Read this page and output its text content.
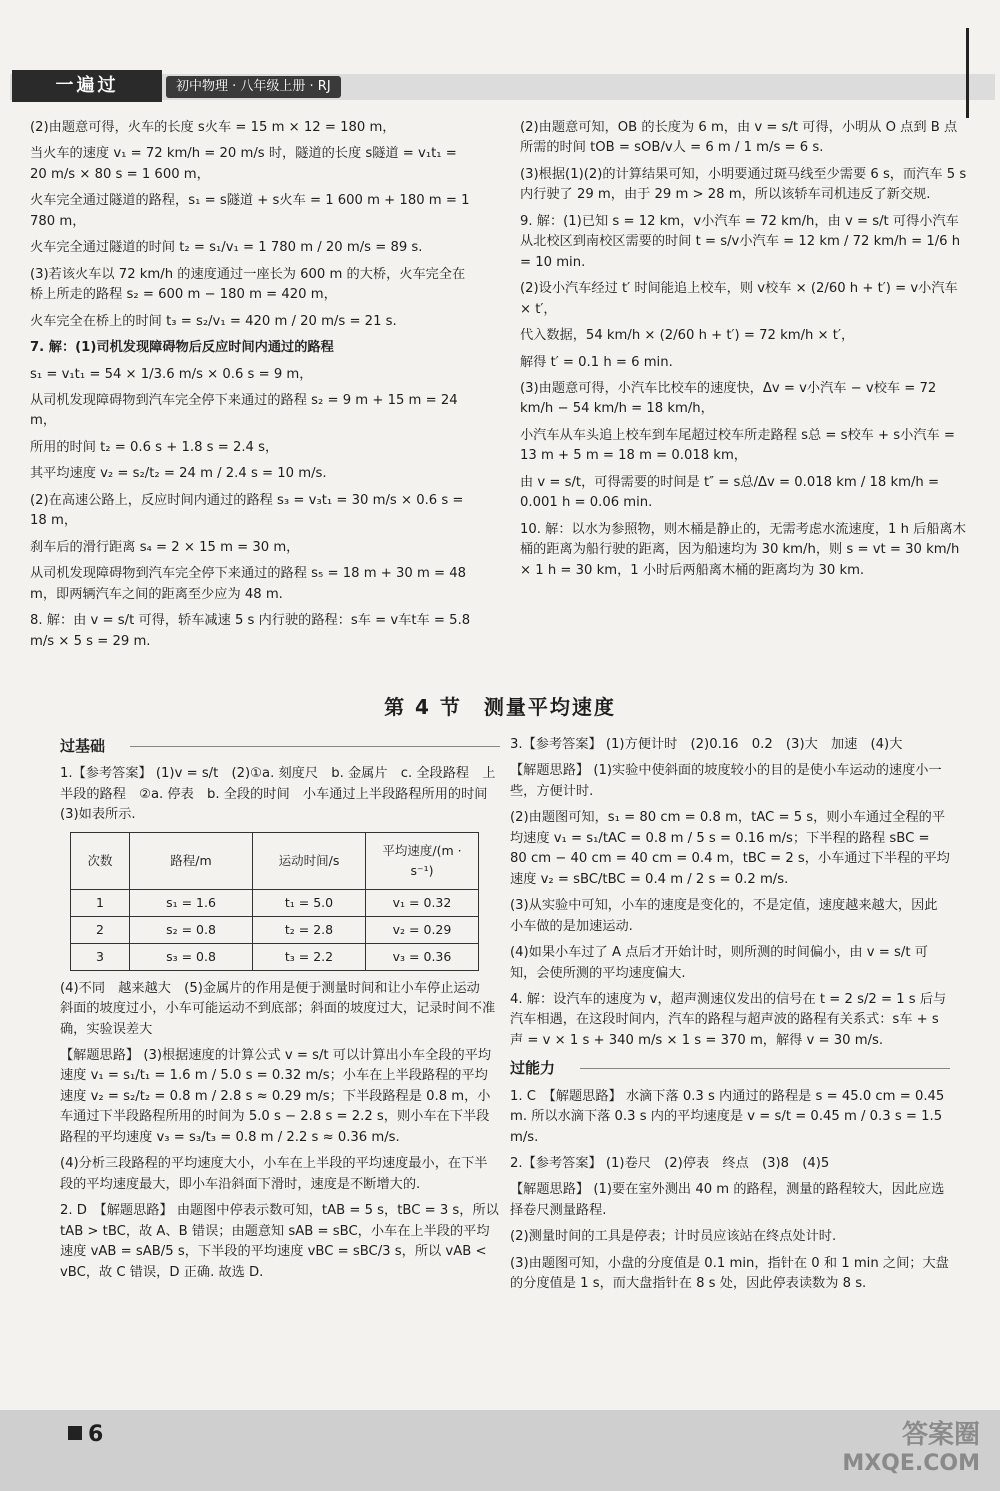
一遍过	初中物理 · 八年级上册 · RJ

(2)由题意可得，火车的长度 s火车 = 15 m × 12 = 180 m，

当火车的速度 v₁ = 72 km/h = 20 m/s 时，隧道的长度 s隧道 = v₁t₁ = 20 m/s × 80 s = 1 600 m，

火车完全通过隧道的路程，s₁ = s隧道 + s火车 = 1 600 m + 180 m = 1 780 m，

火车完全通过隧道的时间 t₂ = s₁/v₁ = 1 780 m / 20 m/s = 89 s.

(3)若该火车以 72 km/h 的速度通过一座长为 600 m 的大桥，火车完全在桥上所走的路程 s₂ = 600 m − 180 m = 420 m，

火车完全在桥上的时间 t₃ = s₂/v₁ = 420 m / 20 m/s = 21 s.

7. 解：(1)司机发现障碍物后反应时间内通过的路程

s₁ = v₁t₁ = 54 × 1/3.6 m/s × 0.6 s = 9 m，

从司机发现障碍物到汽车完全停下来通过的路程 s₂ = 9 m + 15 m = 24 m，

所用的时间 t₂ = 0.6 s + 1.8 s = 2.4 s，

其平均速度 v₂ = s₂/t₂ = 24 m / 2.4 s = 10 m/s.

(2)在高速公路上，反应时间内通过的路程 s₃ = v₃t₁ = 30 m/s × 0.6 s = 18 m，

刹车后的滑行距离 s₄ = 2 × 15 m = 30 m，

从司机发现障碍物到汽车完全停下来通过的路程 s₅ = 18 m + 30 m = 48 m，即两辆汽车之间的距离至少应为 48 m.

8. 解：由 v = s/t 可得，轿车减速 5 s 内行驶的路程：s车 = v车t车 = 5.8 m/s × 5 s = 29 m.

(2)由题意可知，OB 的长度为 6 m，由 v = s/t 可得，小明从 O 点到 B 点所需的时间 tOB = sOB/v人 = 6 m / 1 m/s = 6 s.

(3)根据(1)(2)的计算结果可知，小明要通过斑马线至少需要 6 s，而汽车 5 s 内行驶了 29 m，由于 29 m > 28 m，所以该轿车司机违反了新交规.

9. 解：(1)已知 s = 12 km，v小汽车 = 72 km/h，由 v = s/t 可得小汽车从北校区到南校区需要的时间 t = s/v小汽车 = 12 km / 72 km/h = 1/6 h = 10 min.

(2)设小汽车经过 t′ 时间能追上校车，则 v校车 × (2/60 h + t′) = v小汽车 × t′，

代入数据，54 km/h × (2/60 h + t′) = 72 km/h × t′，

解得 t′ = 0.1 h = 6 min.

(3)由题意可得，小汽车比校车的速度快，Δv = v小汽车 − v校车 = 72 km/h − 54 km/h = 18 km/h，

小汽车从车头追上校车到车尾超过校车所走路程 s总 = s校车 + s小汽车 = 13 m + 5 m = 18 m = 0.018 km，

由 v = s/t，可得需要的时间是 t″ = s总/Δv = 0.018 km / 18 km/h = 0.001 h = 0.06 min.

10. 解：以水为参照物，则木桶是静止的，无需考虑水流速度，1 h 后船离木桶的距离为船行驶的距离，因为船速均为 30 km/h，则 s = vt = 30 km/h × 1 h = 30 km，1 小时后两船离木桶的距离均为 30 km.

第 4 节　测量平均速度
过基础

1.【参考答案】 (1)v = s/t　(2)①a. 刻度尺　b. 金属片　c. 全段路程　上半段的路程　②a. 停表　b. 全段的时间　小车通过上半段路程所用的时间　(3)如表所示.

次数	路程/m	运动时间/s	平均速度/(m · s⁻¹)
1	s₁ = 1.6	t₁ = 5.0	v₁ = 0.32
2	s₂ = 0.8	t₂ = 2.8	v₂ = 0.29
3	s₃ = 0.8	t₃ = 2.2	v₃ = 0.36

(4)不同　越来越大　(5)金属片的作用是便于测量时间和让小车停止运动　斜面的坡度过小，小车可能运动不到底部；斜面的坡度过大，记录时间不准确，实验误差大

【解题思路】 (3)根据速度的计算公式 v = s/t 可以计算出小车全段的平均速度 v₁ = s₁/t₁ = 1.6 m / 5.0 s = 0.32 m/s；小车在上半段路程的平均速度 v₂ = s₂/t₂ = 0.8 m / 2.8 s ≈ 0.29 m/s；下半段路程是 0.8 m，小车通过下半段路程所用的时间为 5.0 s − 2.8 s = 2.2 s，则小车在下半段路程的平均速度 v₃ = s₃/t₃ = 0.8 m / 2.2 s ≈ 0.36 m/s.

(4)分析三段路程的平均速度大小，小车在上半段的平均速度最小，在下半段的平均速度最大，即小车沿斜面下滑时，速度是不断增大的.

2. D　【解题思路】 由题图中停表示数可知，tAB = 5 s，tBC = 3 s，所以 tAB > tBC，故 A、B 错误；由题意知 sAB = sBC，小车在上半段的平均速度 vAB = sAB/5 s，下半段的平均速度 vBC = sBC/3 s，所以 vAB < vBC，故 C 错误，D 正确. 故选 D.

3.【参考答案】 (1)方便计时　(2)0.16　0.2　(3)大　加速　(4)大

【解题思路】 (1)实验中使斜面的坡度较小的目的是使小车运动的速度小一些，方便计时.

(2)由题图可知，s₁ = 80 cm = 0.8 m，tAC = 5 s，则小车通过全程的平均速度 v₁ = s₁/tAC = 0.8 m / 5 s = 0.16 m/s；下半程的路程 sBC = 80 cm − 40 cm = 40 cm = 0.4 m，tBC = 2 s，小车通过下半程的平均速度 v₂ = sBC/tBC = 0.4 m / 2 s = 0.2 m/s.

(3)从实验中可知，小车的速度是变化的，不是定值，速度越来越大，因此小车做的是加速运动.

(4)如果小车过了 A 点后才开始计时，则所测的时间偏小，由 v = s/t 可知，会使所测的平均速度偏大.

4. 解：设汽车的速度为 v，超声测速仪发出的信号在 t = 2 s/2 = 1 s 后与汽车相遇，在这段时间内，汽车的路程与超声波的路程有关系式：s车 + s声 = v × 1 s + 340 m/s × 1 s = 370 m，解得 v = 30 m/s.

过能力

1. C　【解题思路】 水滴下落 0.3 s 内通过的路程是 s = 45.0 cm = 0.45 m. 所以水滴下落 0.3 s 内的平均速度是 v = s/t = 0.45 m / 0.3 s = 1.5 m/s.

2.【参考答案】 (1)卷尺　(2)停表　终点　(3)8　(4)5

【解题思路】 (1)要在室外测出 40 m 的路程，测量的路程较大，因此应选择卷尺测量路程.

(2)测量时间的工具是停表；计时员应该站在终点处计时.

(3)由题图可知，小盘的分度值是 0.1 min，指针在 0 和 1 min 之间；大盘的分度值是 1 s，而大盘指针在 8 s 处，因此停表读数为 8 s.

6	答案圈
MXQE.COM
